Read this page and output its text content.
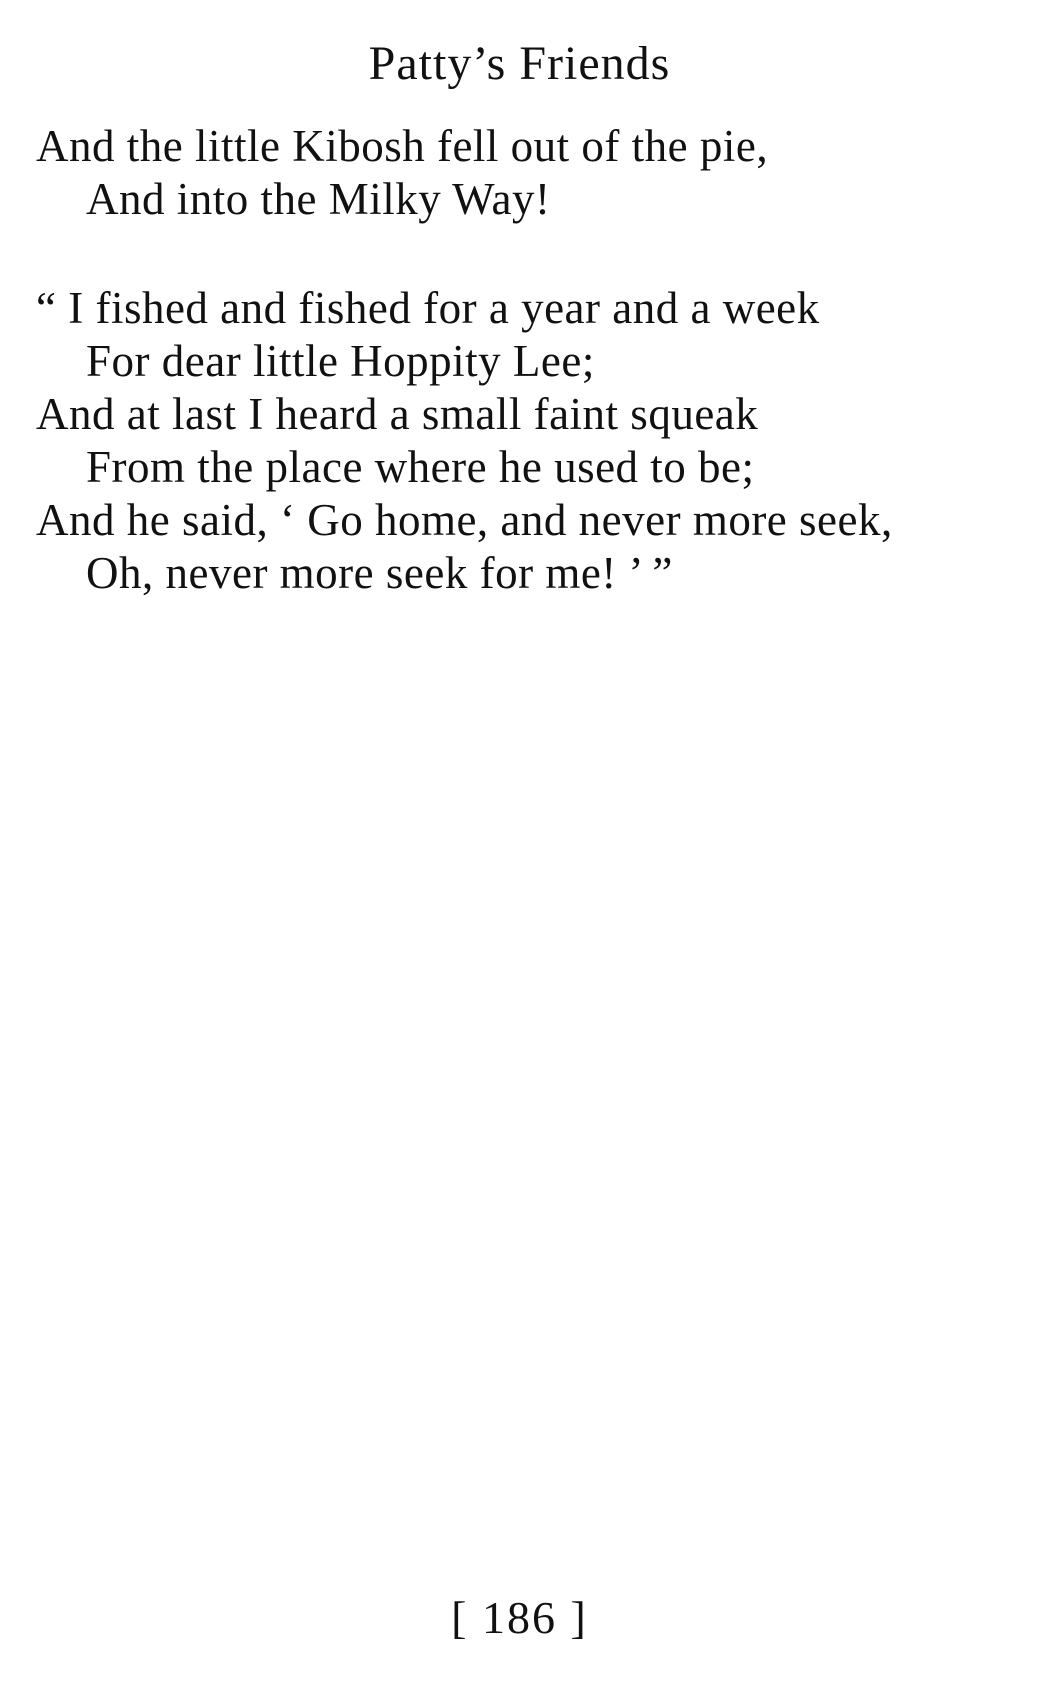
Patty’s Friends
And the little Kibosh fell out of the pie,
And into the Milky Way!
“ I fished and fished for a year and a week
For dear little Hoppity Lee;
And at last I heard a small faint squeak
From the place where he used to be;
And he said, ‘ Go home, and never more seek,
Oh, never more seek for me! ’ ”
[ 186 ]
